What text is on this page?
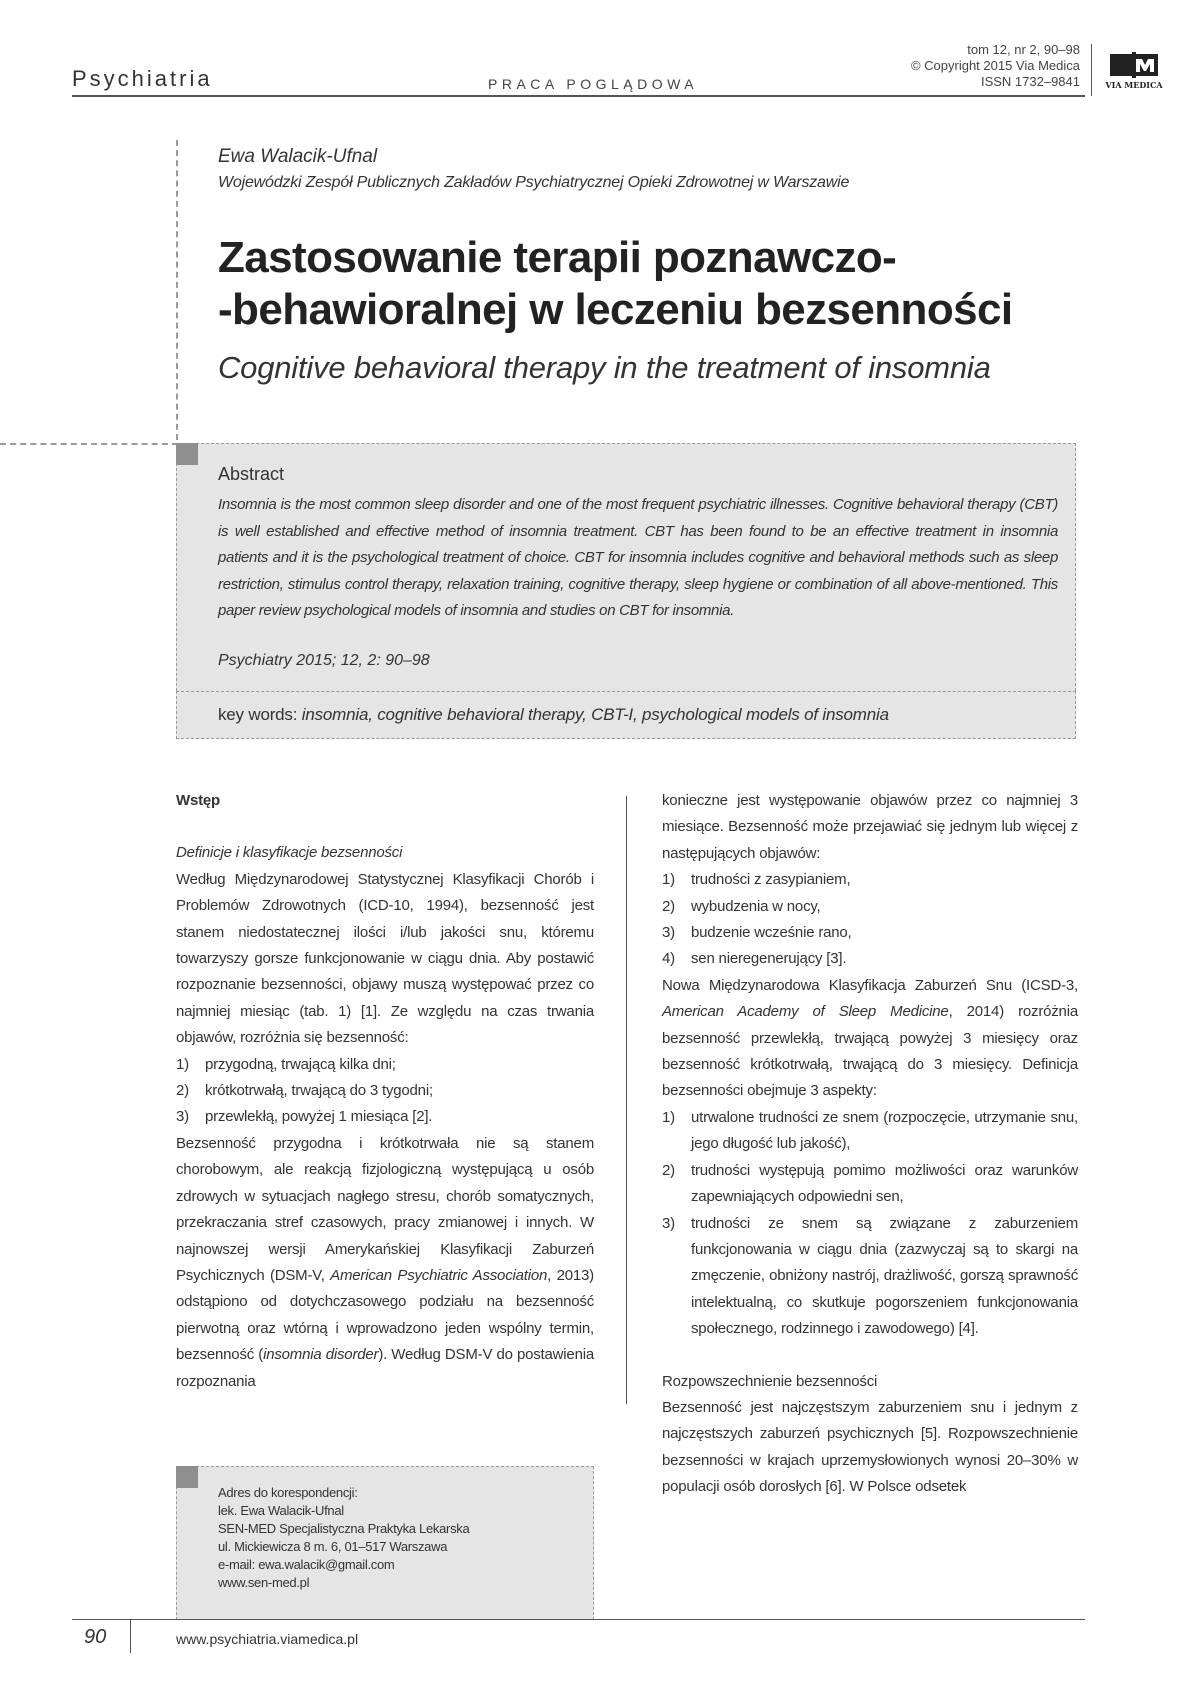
Psychiatria	PRACA POGLĄDOWA
tom 12, nr 2, 90–98
© Copyright 2015 Via Medica
ISSN 1732–9841	VIA MEDICA
Ewa Walacik-Ufnal
Wojewódzki Zespół Publicznych Zakładów Psychiatrycznej Opieki Zdrowotnej w Warszawie
Zastosowanie terapii poznawczo-
-behawioralnej w leczeniu bezsenności
Cognitive behavioral therapy in the treatment of insomnia
Abstract
Insomnia is the most common sleep disorder and one of the most frequent psychiatric illnesses. Cognitive behavioral therapy (CBT) is well established and effective method of insomnia treatment. CBT has been found to be an effective treatment in insomnia patients and it is the psychological treatment of choice. CBT for insomnia includes cognitive and behavioral methods such as sleep restriction, stimulus control therapy, relaxation training, cognitive therapy, sleep hygiene or combination of all above-mentioned. This paper review psychological models of insomnia and studies on CBT for insomnia.
Psychiatry 2015; 12, 2: 90–98
key words: insomnia, cognitive behavioral therapy, CBT-I, psychological models of insomnia
Wstęp
Definicje i klasyfikacje bezsenności

Według Międzynarodowej Statystycznej Klasyfikacji Chorób i Problemów Zdrowotnych (ICD-10, 1994), bezsenność jest stanem niedostatecznej ilości i/lub jakości snu, któremu towarzyszy gorsze funkcjonowanie w ciągu dnia. Aby postawić rozpoznanie bezsenności, objawy muszą występować przez co najmniej miesiąc (tab. 1) [1]. Ze względu na czas trwania objawów, rozróżnia się bezsenność:

1)	przygodną, trwającą kilka dni;
2)	krótkotrwałą, trwającą do 3 tygodni;
3)	przewlekłą, powyżej 1 miesiąca [2].

Bezsenność przygodna i krótkotrwała nie są stanem chorobowym, ale reakcją fizjologiczną występującą u osób zdrowych w sytuacjach nagłego stresu, chorób somatycznych, przekraczania stref czasowych, pracy zmianowej i innych. W najnowszej wersji Amerykańskiej Klasyfikacji Zaburzeń Psychicznych (DSM-V, American Psychiatric Association, 2013) odstąpiono od dotychczasowego podziału na bezsenność pierwotną oraz wtórną i wprowadzono jeden wspólny termin, bezsenność (insomnia disorder). Według DSM-V do postawienia rozpoznania

konieczne jest występowanie objawów przez co najmniej 3 miesiące. Bezsenność może przejawiać się jednym lub więcej z następujących objawów:

1)	trudności z zasypianiem,
2)	wybudzenia w nocy,
3)	budzenie wcześnie rano,
4)	sen nieregenerujący [3].

Nowa Międzynarodowa Klasyfikacja Zaburzeń Snu (ICSD-3, American Academy of Sleep Medicine, 2014) rozróżnia bezsenność przewlekłą, trwającą powyżej 3 miesięcy oraz bezsenność krótkotrwałą, trwającą do 3 miesięcy. Definicja bezsenności obejmuje 3 aspekty:

1)	utrwalone trudności ze snem (rozpoczęcie, utrzymanie snu, jego długość lub jakość),
2)	trudności występują pomimo możliwości oraz warunków zapewniających odpowiedni sen,
3)	trudności ze snem są związane z zaburzeniem funkcjonowania w ciągu dnia (zazwyczaj są to skargi na zmęczenie, obniżony nastrój, drażliwość, gorszą sprawność intelektualną, co skutkuje pogorszeniem funkcjonowania społecznego, rodzinnego i zawodowego) [4].
Rozpowszechnienie bezsenności

Bezsenność jest najczęstszym zaburzeniem snu i jednym z najczęstszych zaburzeń psychicznych [5]. Rozpowszechnienie bezsenności w krajach uprzemysłowionych wynosi 20–30% w populacji osób dorosłych [6]. W Polsce odsetek

Adres do korespondencji:
lek. Ewa Walacik-Ufnal
SEN-MED Specjalistyczna Praktyka Lekarska
ul. Mickiewicza 8 m. 6, 01–517 Warszawa
e-mail: ewa.walacik@gmail.com
www.sen-med.pl
90	www.psychiatria.viamedica.pl
